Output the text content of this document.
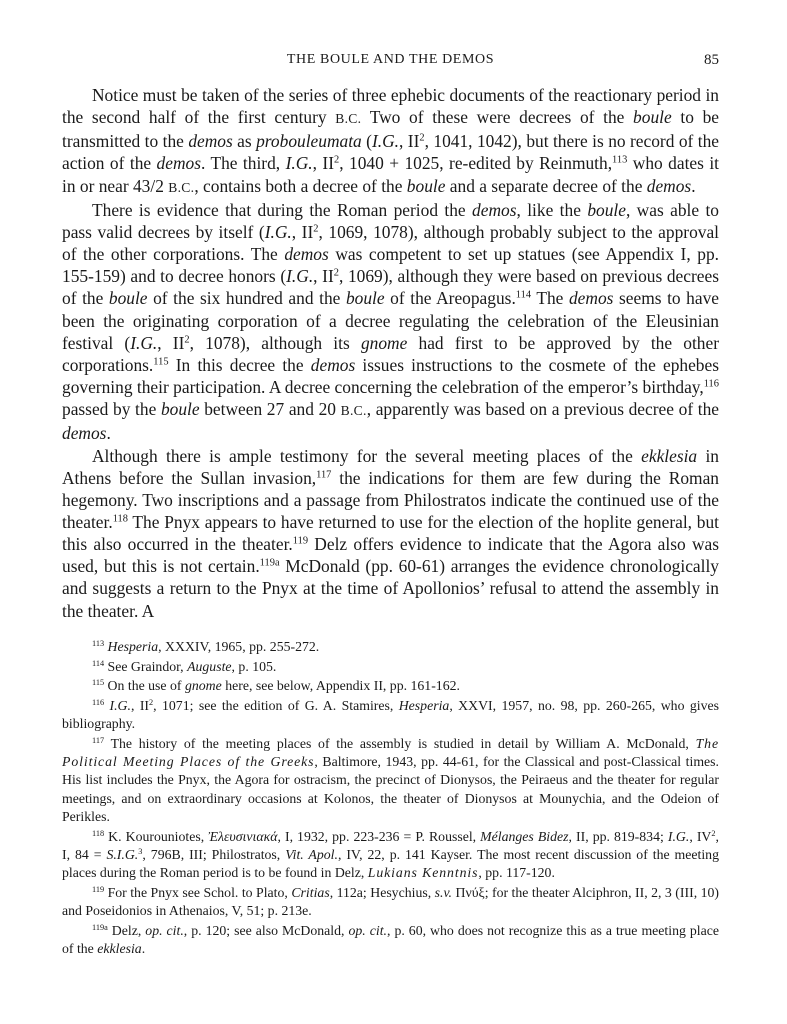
THE BOULE AND THE DEMOS	85

Notice must be taken of the series of three ephebic documents of the reactionary period in the second half of the first century B.C. Two of these were decrees of the boule to be transmitted to the demos as probouleumata (I.G., $II^2$, 1041, 1042), but there is no record of the action of the demos. The third, I.G., $II^2$, 1040 + 1025, re-edited by Reinmuth,$^{113}$ who dates it in or near 43/2 B.C., contains both a decree of the boule and a separate decree of the demos.

There is evidence that during the Roman period the demos, like the boule, was able to pass valid decrees by itself (I.G., $II^2$, 1069, 1078), although probably subject to the approval of the other corporations. The demos was competent to set up statues (see Appendix I, pp. 155-159) and to decree honors (I.G., $II^2$, 1069), although they were based on previous decrees of the boule of the six hundred and the boule of the Areopagus.$^{114}$ The demos seems to have been the originating corporation of a decree regulating the celebration of the Eleusinian festival (I.G., $II^2$, 1078), although its gnome had first to be approved by the other corporations.$^{115}$ In this decree the demos issues instructions to the cosmete of the ephebes governing their participation. A decree concerning the celebration of the emperor’s birthday,$^{116}$ passed by the boule between 27 and 20 B.C., apparently was based on a previous decree of the demos.

Although there is ample testimony for the several meeting places of the ekklesia in Athens before the Sullan invasion,$^{117}$ the indications for them are few during the Roman hegemony. Two inscriptions and a passage from Philostratos indicate the continued use of the theater.$^{118}$ The Pnyx appears to have returned to use for the election of the hoplite general, but this also occurred in the theater.$^{119}$ Delz offers evidence to indicate that the Agora also was used, but this is not certain.$^{119a}$ McDonald (pp. 60-61) arranges the evidence chronologically and suggests a return to the Pnyx at the time of Apollonios’ refusal to attend the assembly in the theater. A

$^{113}$ Hesperia, XXXIV, 1965, pp. 255-272.
$^{114}$ See Graindor, Auguste, p. 105.
$^{115}$ On the use of gnome here, see below, Appendix II, pp. 161-162.
$^{116}$ I.G., $II^2$, 1071; see the edition of G. A. Stamires, Hesperia, XXVI, 1957, no. 98, pp. 260-265, who gives bibliography.
$^{117}$ The history of the meeting places of the assembly is studied in detail by William A. McDonald, The Political Meeting Places of the Greeks, Baltimore, 1943, pp. 44-61, for the Classical and post-Classical times. His list includes the Pnyx, the Agora for ostracism, the precinct of Dionysos, the Peiraeus and the theater for regular meetings, and on extraordinary occasions at Kolonos, the theater of Dionysos at Mounychia, and the Odeion of Perikles.
$^{118}$ K. Kourouniotes, Ἐλευσινιακά, I, 1932, pp. 223-236 = P. Roussel, Mélanges Bidez, II, pp. 819-834; I.G., $IV^2$, I, 84 = S.I.G.$^3$, 796B, III; Philostratos, Vit. Apol., IV, 22, p. 141 Kayser. The most recent discussion of the meeting places during the Roman period is to be found in Delz, Lukians Kenntnis, pp. 117-120.
$^{119}$ For the Pnyx see Schol. to Plato, Critias, 112a; Hesychius, s.v. Πνύξ; for the theater Alciphron, II, 2, 3 (III, 10) and Poseidonios in Athenaios, V, 51; p. 213e.
$^{119a}$ Delz, op. cit., p. 120; see also McDonald, op. cit., p. 60, who does not recognize this as a true meeting place of the ekklesia.
